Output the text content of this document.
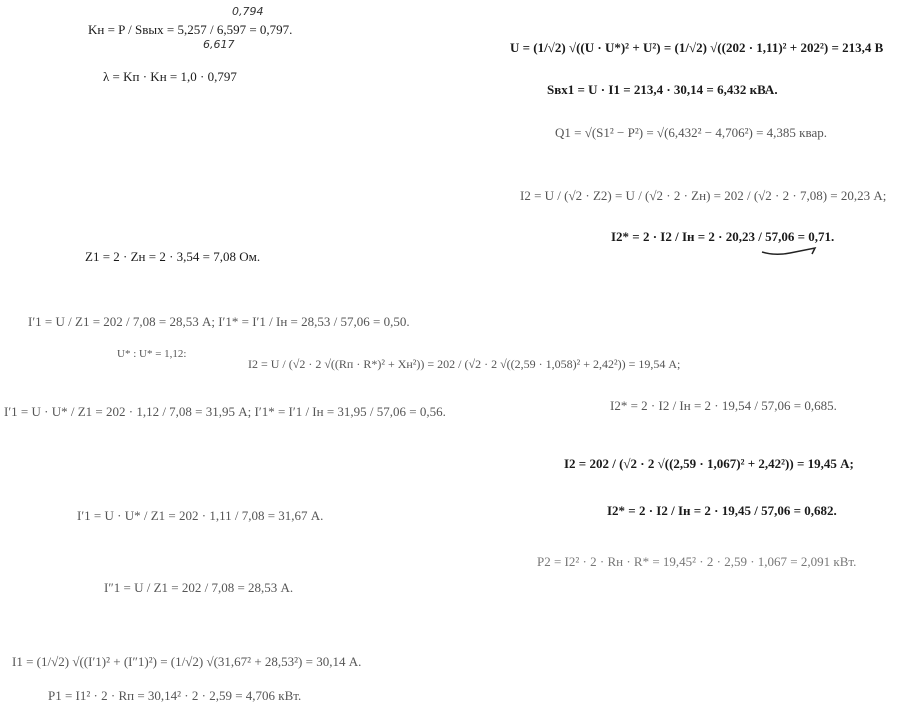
Kн = P / Sвых = 5,257 / 6,597 = 0,797.
0,794
6,617
λ = Kп · Kн = 1,0 · 0,797
Z1 = 2 · Zн = 2 · 3,54 = 7,08 Ом.
I′1 = U / Z1 = 202 / 7,08 = 28,53 А; I′1* = I′1 / Iн = 28,53 / 57,06 = 0,50.
U* : U* = 1,12:
I′1 = U · U* / Z1 = 202 · 1,12 / 7,08 = 31,95 А; I′1* = I′1 / Iн = 31,95 / 57,06 = 0,56.
I′1 = U · U* / Z1 = 202 · 1,11 / 7,08 = 31,67 А.
I″1 = U / Z1 = 202 / 7,08 = 28,53 А.
I1 = (1/√2) √((I′1)² + (I″1)²) = (1/√2) √(31,67² + 28,53²) = 30,14 А.
P1 = I1² · 2 · Rп = 30,14² · 2 · 2,59 = 4,706 кВт.
U = (1/√2) √((U · U*)² + U²) = (1/√2) √((202 · 1,11)² + 202²) = 213,4 В
Sвх1 = U · I1 = 213,4 · 30,14 = 6,432 кВА.
Q1 = √(S1² − P²) = √(6,432² − 4,706²) = 4,385 квар.
I2 = U / (√2 · Z2) = U / (√2 · 2 · Zн) = 202 / (√2 · 2 · 7,08) = 20,23 А;
I2* = 2 · I2 / Iн = 2 · 20,23 / 57,06 = 0,71.
I2 = U / (√2 · 2 √((Rп · R*)² + Xн²)) = 202 / (√2 · 2 √((2,59 · 1,058)² + 2,42²)) = 19,54 А;
I2* = 2 · I2 / Iн = 2 · 19,54 / 57,06 = 0,685.
I2 = 202 / (√2 · 2 √((2,59 · 1,067)² + 2,42²)) = 19,45 А;
I2* = 2 · I2 / Iн = 2 · 19,45 / 57,06 = 0,682.
P2 = I2² · 2 · Rн · R* = 19,45² · 2 · 2,59 · 1,067 = 2,091 кВт.
